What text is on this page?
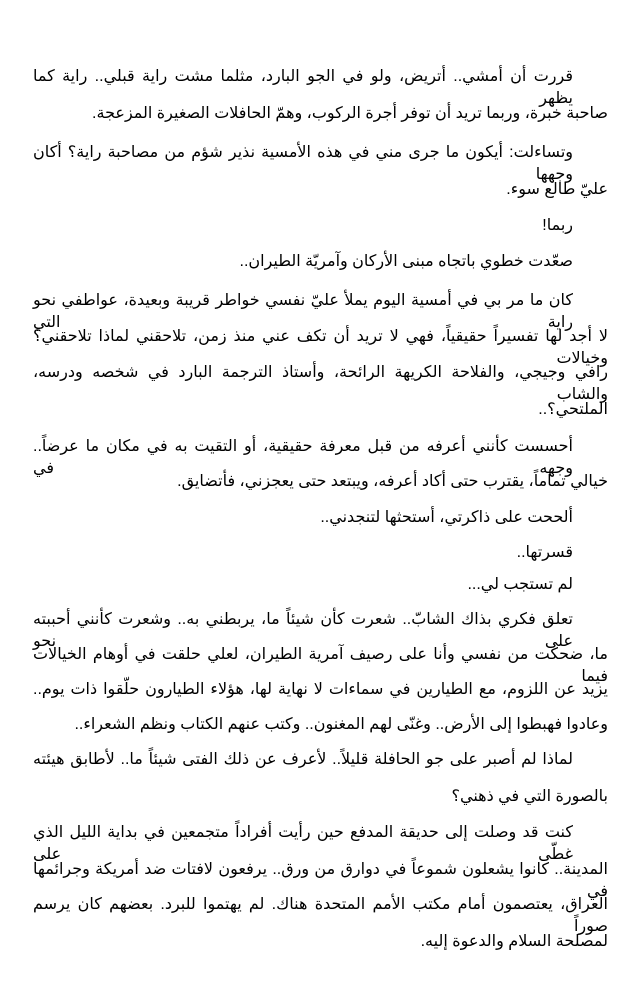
قررت أن أمشي.. أتريض، ولو في الجو البارد، مثلما مشت راية قبلي.. راية كما يظهر
صاحبة خبرة، وربما تريد أن توفر أجرة الركوب، وهمّ الحافلات الصغيرة المزعجة.
وتساءلت: أيكون ما جرى مني في هذه الأمسية نذير شؤم من مصاحبة راية؟ أكان وجهها
عليّ طالع سوء.
ربما!
صعّدت خطوي باتجاه مبنى الأركان وآمريّة الطيران..
كان ما مر بي في أمسية اليوم يملأ عليّ نفسي خواطر قريبة وبعيدة، عواطفي نحو راية التي
لا أجد لها تفسيراً حقيقياً، فهي لا تريد أن تكف عني منذ زمن، تلاحقني لماذا تلاحقني؟ وخيالات
رافي وجيجي، والفلاحة الكريهة الرائحة، وأستاذ الترجمة البارد في شخصه ودرسه، والشاب
الملتحي؟..
أحسست كأنني أعرفه من قبل معرفة حقيقية، أو التقيت به في مكان ما عرضاً.. وجهه في
خيالي تماماً، يقترب حتى أكاد أعرفه، ويبتعد حتى يعجزني، فأتضايق.
ألححت على ذاكرتي، أستحثها لتنجدني..
قسرتها..
لم تستجب لي...
تعلق فكري بذاك الشابّ.. شعرت كأن شيئاً ما، يربطني به.. وشعرت كأنني أحببته على نحو
ما، ضحكت من نفسي وأنا على رصيف آمرية الطيران، لعلي حلقت في أوهام الخيالات فيما
يزيد عن اللزوم، مع الطيارين في سماءات لا نهاية لها، هؤلاء الطيارون حلّقوا ذات يوم..
وعادوا فهبطوا إلى الأرض.. وغنّى لهم المغنون.. وكتب عنهم الكتاب ونظم الشعراء..
لماذا لم أصبر على جو الحافلة قليلاً.. لأعرف عن ذلك الفتى شيئاً ما.. لأطابق هيئته
بالصورة التي في ذهني؟
كنت قد وصلت إلى حديقة المدفع حين رأيت أفراداً متجمعين في بداية الليل الذي غطّى على
المدينة.. كانوا يشعلون شموعاً في دوارق من ورق.. يرفعون لافتات ضد أمريكة وجرائمها في
العراق، يعتصمون أمام مكتب الأمم المتحدة هناك. لم يهتموا للبرد. بعضهم كان يرسم صوراً
لمصلحة السلام والدعوة إليه.
